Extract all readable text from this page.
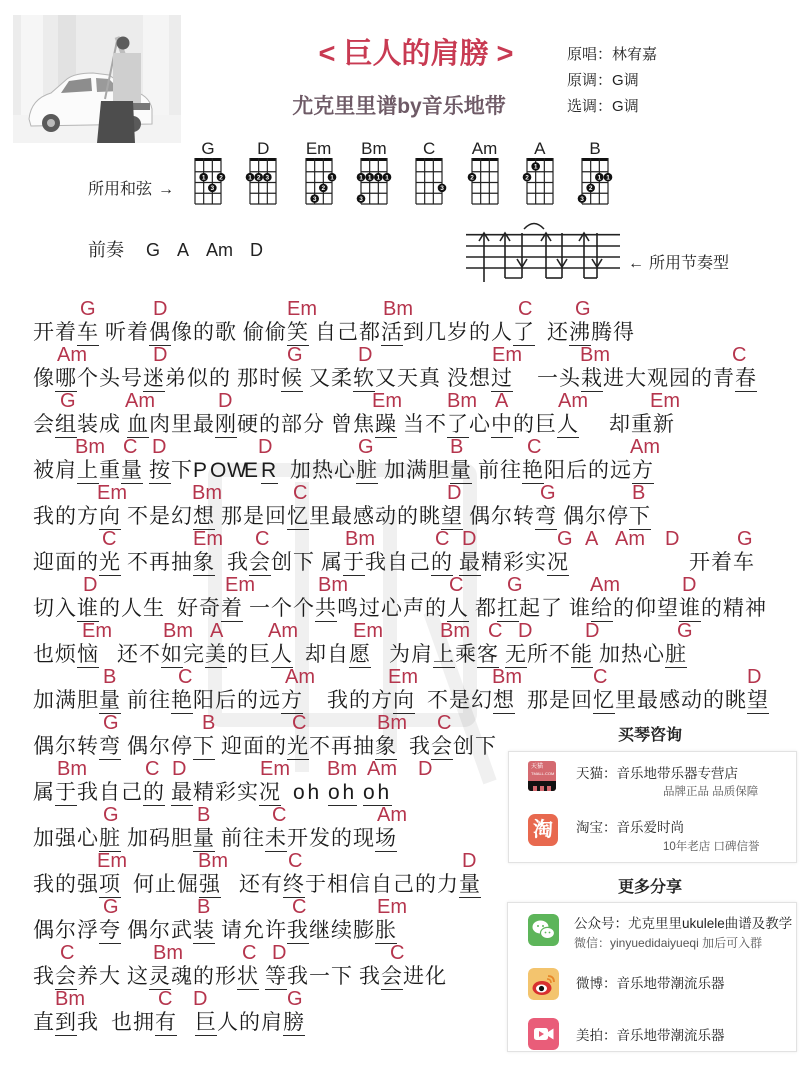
< 巨人的肩膀 >
尤克里里谱by音乐地带
原唱：林宥嘉
原调：G调
选调：G调
所用和弦 →
G
1 2
3
D
1 2 3
Em
1
2
3
Bm
1 1 1 1
3
C
3
Am
2
A
1
2
B
1 1
2
3
前奏 G A Am D
← 所用节奏型
G	D	Em	Bm	C G
开着车 听着偶像的歌 偷偷笑 自己都活到几岁的人了 还沸腾得
Am	D	G	D	Em	Bm	C
像哪个头号迷弟似的 那时候 又柔软又天真 没想过 一头栽进大观园的青春
G Am	D	Em Bm A Am	Em
会组装成 血肉里最刚硬的部分 曾焦躁 当不了心中的巨人 却重新
Bm C D	D	G	B	C	Am
被肩上重量 按下P OWE R 加热心脏 加满胆量 前往艳阳后的远方
Em	Bm	C	D	G	B
我的方向 不是幻想 那是回忆里最感动的眺望 偶尔转弯 偶尔停下
C	Em C	Bm	C D	G A Am D	G
迎面的光 不再抽象 我会创下 属于我自己的 最精彩实况	开着车
D	Em	Bm	C G	Am	D
切入谁的人生 好奇着 一个个共鸣过心声的人 都扛起了 谁给的仰望谁的精神
Em	Bm A Am	Em	Bm C D	D	G
也烦恼 还不如完美的巨人 却自愿 为肩上乘客 无所不能 加热心脏
B	C	Am	Em	Bm	C	D
加满胆量 前往艳阳后的远方 我的方向 不是幻想 那是回忆里最感动的眺望
G	B	C	Bm C
偶尔转弯 偶尔停下 迎面的光不再抽象 我会创下
Bm	C D	Em Bm Am D
属于我自己的 最精彩实况 o h o h o h
G	B	C	Am
加强心脏 加码胆量 前往未开发的现场
Em	Bm	C	D
我的强项 何止倔强 还有终于相信自己的力量
G	B	C	Em
偶尔浮夸 偶尔武装 请允许我继续膨胀
C	Bm	C D	C
我会养大 这灵魂的形状 等我一下 我会进化
Bm	C D	G
直到我 也拥有 巨人的肩膀
买琴咨询
天猫
TMALL.COM 天猫：音乐地带乐器专营店
品牌正品 品质保障
淘	淘宝：音乐爱时尚
10年老店 口碑信誉
更多分享
公众号：尤克里里ukulele曲谱及教学
微信：yinyuedidaiyueqi 加后可入群
微博：音乐地带潮流乐器
美拍：音乐地带潮流乐器
